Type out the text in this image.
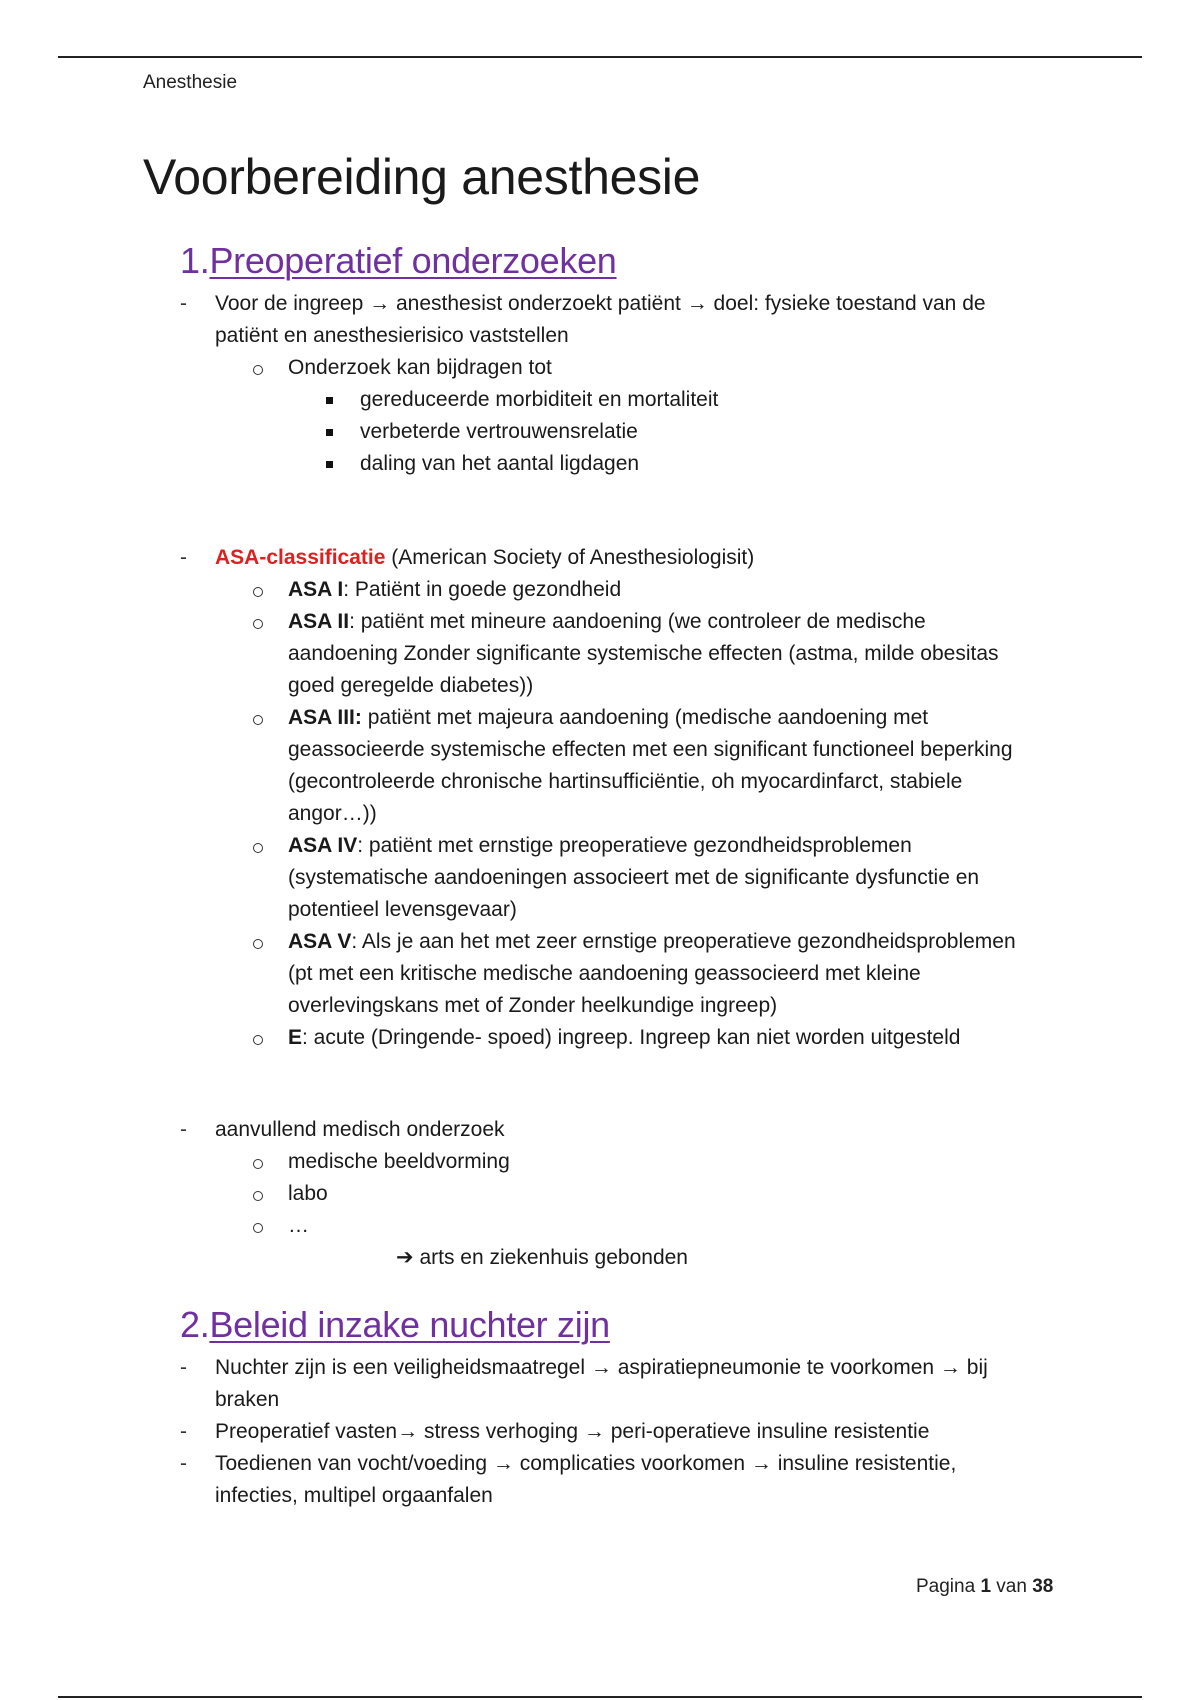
Anesthesie
Voorbereiding anesthesie
1.Preoperatief onderzoeken
- Voor de ingreep → anesthesist onderzoekt patiënt → doel: fysieke toestand van de
patiënt en anesthesierisico vaststellen
Onderzoek kan bijdragen tot
gereduceerde morbiditeit en mortaliteit
verbeterde vertrouwensrelatie
daling van het aantal ligdagen
- ASA-classificatie (American Society of Anesthesiologisit)
ASA I: Patiënt in goede gezondheid
ASA II: patiënt met mineure aandoening (we controleer de medische
aandoening Zonder significante systemische effecten (astma, milde obesitas
goed geregelde diabetes))
ASA III: patiënt met majeura aandoening (medische aandoening met
geassocieerde systemische effecten met een significant functioneel beperking
(gecontroleerde chronische hartinsufficiëntie, oh myocardinfarct, stabiele
angor…))
ASA IV: patiënt met ernstige preoperatieve gezondheidsproblemen
(systematische aandoeningen associeert met de significante dysfunctie en
potentieel levensgevaar)
ASA V: Als je aan het met zeer ernstige preoperatieve gezondheidsproblemen
(pt met een kritische medische aandoening geassocieerd met kleine
overlevingskans met of Zonder heelkundige ingreep)
E: acute (Dringende- spoed) ingreep. Ingreep kan niet worden uitgesteld
- aanvullend medisch onderzoek
medische beeldvorming
labo
…
➔ arts en ziekenhuis gebonden
2.Beleid inzake nuchter zijn
- Nuchter zijn is een veiligheidsmaatregel → aspiratiepneumonie te voorkomen → bij
braken
- Preoperatief vasten→ stress verhoging → peri-operatieve insuline resistentie
- Toedienen van vocht/voeding → complicaties voorkomen → insuline resistentie,
infecties, multipel orgaanfalen
Pagina 1 van 38
